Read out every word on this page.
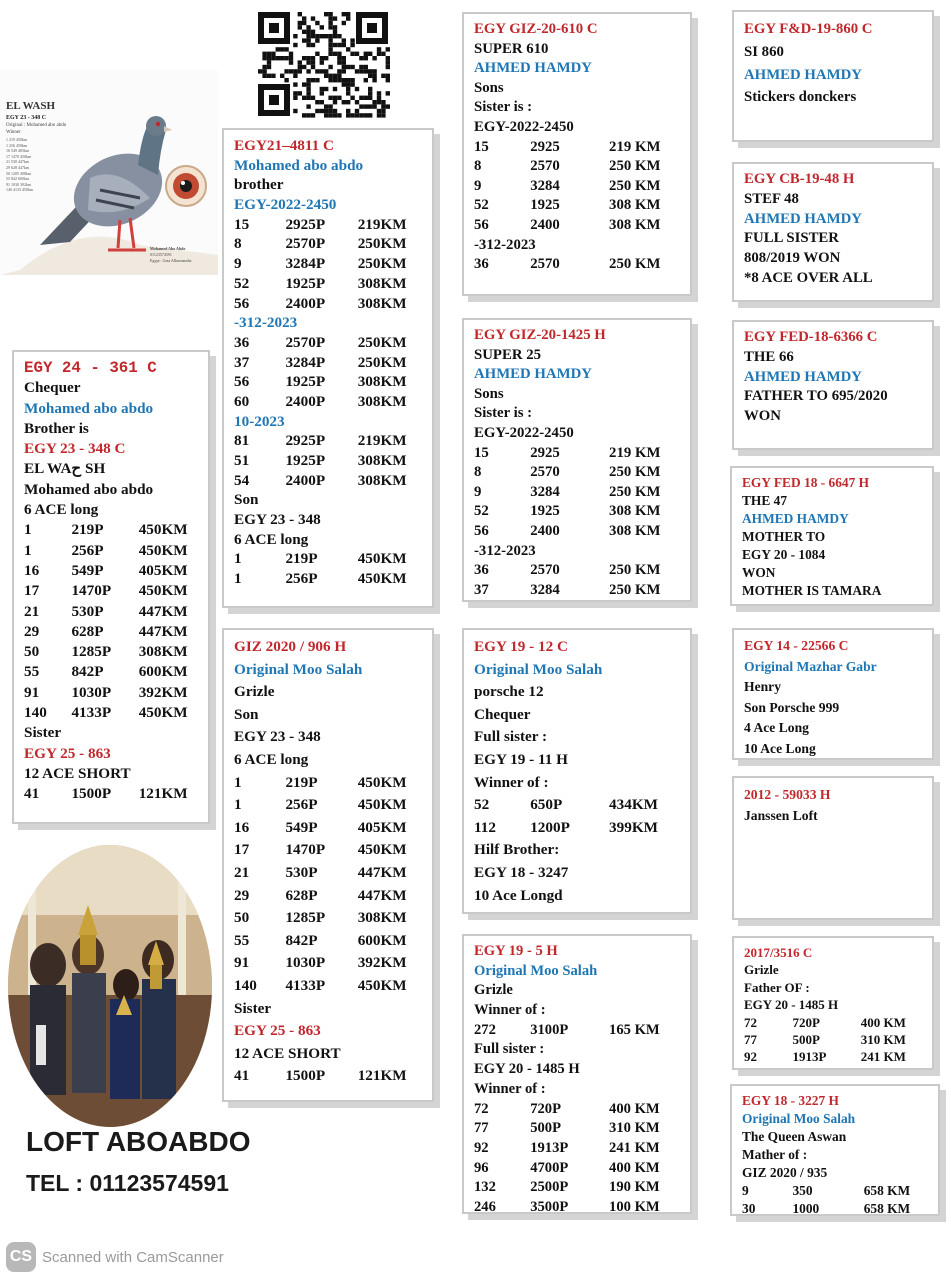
EL WASH
EGY 23 - 348 C
Original : Mohamed abo abdo
Winner
1 219 450km
1 256 450km
16 549 405km
17 1470 450km
21 530 447km
29 628 447km
50 1285 308km
55 842 600km
91 1030 392km
140 4133 450km
Mohamed Abo Abdo
01123574591
Egypt : Giza Alhawamdia
EGY 24 - 361 C
Chequer
Mohamed abo abdo
Brother is
EGY 23 - 348 C
EL WAح SH
Mohamed abo abdo
6 ACE long
1	219P	450KM
1	256P	450KM
16	549P	405KM
17	1470P	450KM
21	530P	447KM
29	628P	447KM
50	1285P	308KM
55	842P	600KM
91	1030P	392KM
140	4133P	450KM
Sister
EGY 25 - 863
12 ACE SHORT
41	1500P	121KM
EGY21–4811 C
Mohamed abo abdo
brother
EGY-2022-2450
15	2925P	219KM
8	2570P	250KM
9	3284P	250KM
52	1925P	308KM
56	2400P	308KM
-312-2023
36	2570P	250KM
37	3284P	250KM
56	1925P	308KM
60	2400P	308KM
10-2023
81	2925P	219KM
51	1925P	308KM
54	2400P	308KM
Son
EGY 23 - 348
6 ACE long
1	219P	450KM
1	256P	450KM
GIZ 2020 / 906 H
Original Moo Salah
Grizle
Son
EGY 23 - 348
6 ACE long
1	219P	450KM
1	256P	450KM
16	549P	405KM
17	1470P	450KM
21	530P	447KM
29	628P	447KM
50	1285P	308KM
55	842P	600KM
91	1030P	392KM
140	4133P	450KM
Sister
EGY 25 - 863
12 ACE SHORT
41	1500P	121KM
EGY GIZ-20-610 C
SUPER 610
AHMED HAMDY
Sons
Sister is :
EGY-2022-2450
15	2925	219 KM
8	2570	250 KM
9	3284	250 KM
52	1925	308 KM
56	2400	308 KM
-312-2023
36	2570	250 KM
EGY GIZ-20-1425 H
SUPER 25
AHMED HAMDY
Sons
Sister is :
EGY-2022-2450
15	2925	219 KM
8	2570	250 KM
9	3284	250 KM
52	1925	308 KM
56	2400	308 KM
-312-2023
36	2570	250 KM
37	3284	250 KM
EGY 19 - 12 C
Original Moo Salah
porsche 12
Chequer
Full sister :
EGY 19 - 11 H
Winner of :
52	650P	434KM
112	1200P	399KM
Hilf Brother:
EGY 18 - 3247
10 Ace Longd
EGY 19 - 5 H
Original Moo Salah
Grizle
Winner of :
272	3100P	165 KM
Full sister :
EGY 20 - 1485 H
Winner of :
72	720P	400 KM
77	500P	310 KM
92	1913P	241 KM
96	4700P	400 KM
132	2500P	190 KM
246	3500P	100 KM
EGY F&D-19-860 C
SI 860
AHMED HAMDY
Stickers donckers
EGY CB-19-48 H
STEF 48
AHMED HAMDY
FULL SISTER
808/2019 WON
*8 ACE OVER ALL
EGY FED-18-6366 C
THE 66
AHMED HAMDY
FATHER TO 695/2020
WON
EGY FED 18 - 6647 H
THE 47
AHMED HAMDY
MOTHER TO
EGY 20 - 1084
WON
MOTHER IS TAMARA
EGY 14 - 22566 C
Original Mazhar Gabr
Henry
Son Porsche 999
4 Ace Long
10 Ace Long
2012 - 59033 H
Janssen Loft
2017/3516 C
Grizle
Father OF :
EGY 20 - 1485 H
72	720P	400 KM
77	500P	310 KM
92	1913P	241 KM
EGY 18 - 3227 H
Original Moo Salah
The Queen Aswan
Mather of :
GIZ 2020 / 935
9	350	658 KM
30	1000	658 KM
LOFT ABOABDO
TEL : 01123574591
CS Scanned with CamScanner
